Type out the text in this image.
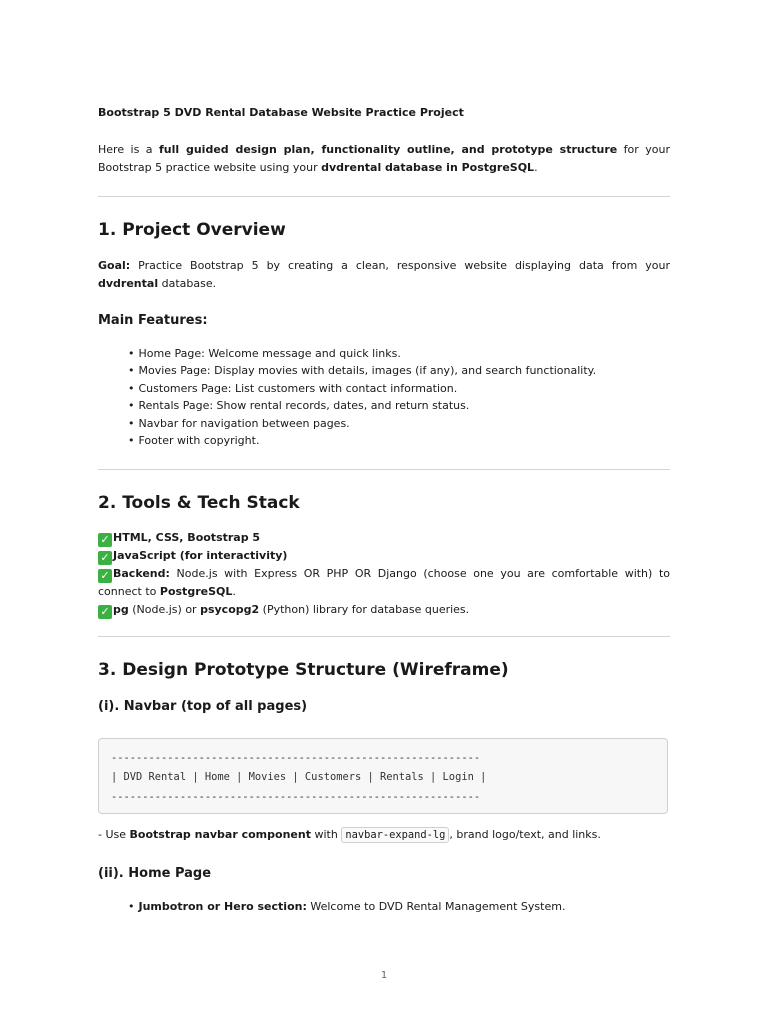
Bootstrap 5 DVD Rental Database Website Practice Project

Here is a full guided design plan, functionality outline, and prototype structure for your Bootstrap 5 practice website using your dvdrental database in PostgreSQL.

1. Project Overview

Goal: Practice Bootstrap 5 by creating a clean, responsive website displaying data from your dvdrental database.

Main Features:
• Home Page: Welcome message and quick links.
• Movies Page: Display movies with details, images (if any), and search functionality.
• Customers Page: List customers with contact information.
• Rentals Page: Show rental records, dates, and return status.
• Navbar for navigation between pages.
• Footer with copyright.
2. Tools & Tech Stack
✓ HTML, CSS, Bootstrap 5
✓ JavaScript (for interactivity)
✓ Backend: Node.js with Express OR PHP OR Django (choose one you are comfortable with) to connect to PostgreSQL.
✓ pg (Node.js) or psycopg2 (Python) library for database queries.
3. Design Prototype Structure (Wireframe)
(i). Navbar (top of all pages)
-----------------------------------------------------------
| DVD Rental | Home | Movies | Customers | Rentals | Login |
-----------------------------------------------------------

- Use Bootstrap navbar component with navbar-expand-lg , brand logo/text, and links.

(ii). Home Page

• Jumbotron or Hero section: Welcome to DVD Rental Management System.

1
